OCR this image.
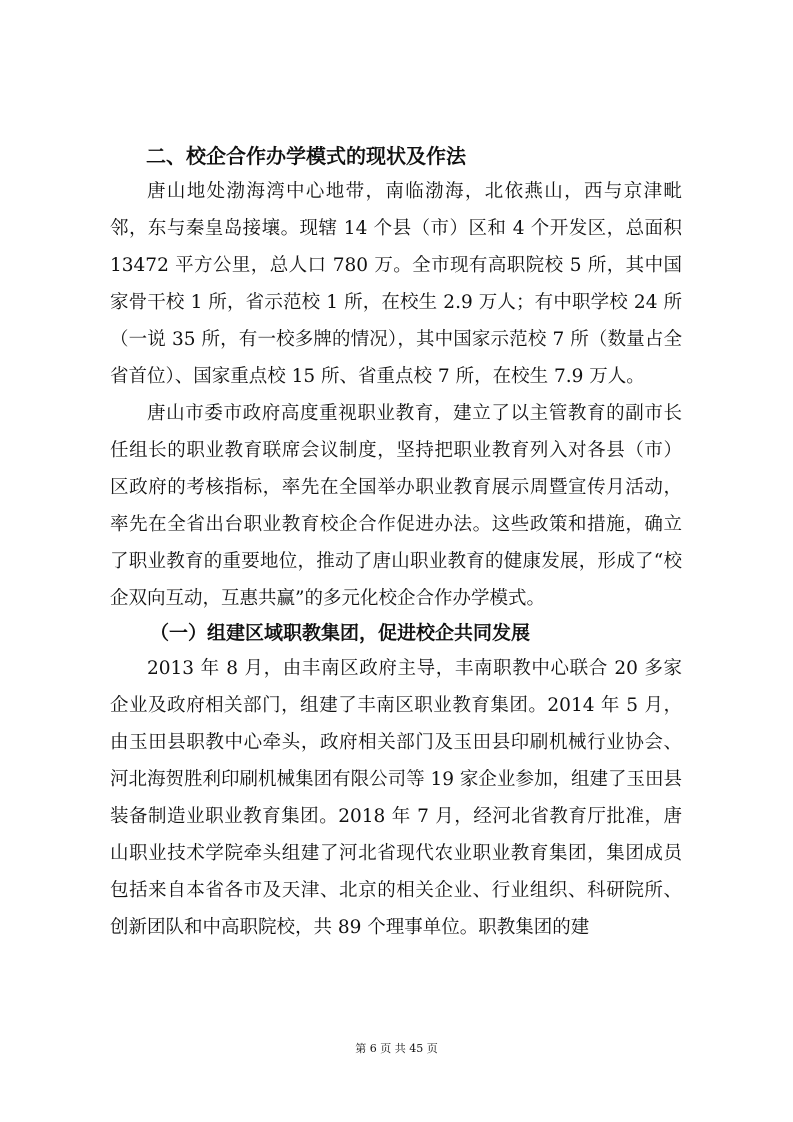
二、校企合作办学模式的现状及作法

唐山地处渤海湾中心地带，南临渤海，北依燕山，西与京津毗邻，东与秦皇岛接壤。现辖 14 个县（市）区和 4 个开发区，总面积 13472 平方公里，总人口 780 万。全市现有高职院校 5 所，其中国家骨干校 1 所，省示范校 1 所，在校生 2.9 万人；有中职学校 24 所（一说 35 所，有一校多牌的情况），其中国家示范校 7 所（数量占全省首位）、国家重点校 15 所、省重点校 7 所，在校生 7.9 万人。

唐山市委市政府高度重视职业教育，建立了以主管教育的副市长任组长的职业教育联席会议制度，坚持把职业教育列入对各县（市）区政府的考核指标，率先在全国举办职业教育展示周暨宣传月活动，率先在全省出台职业教育校企合作促进办法。这些政策和措施，确立了职业教育的重要地位，推动了唐山职业教育的健康发展，形成了“校企双向互动，互惠共赢”的多元化校企合作办学模式。

（一）组建区域职教集团，促进校企共同发展

2013 年 8 月，由丰南区政府主导，丰南职教中心联合 20 多家企业及政府相关部门，组建了丰南区职业教育集团。2014 年 5 月，由玉田县职教中心牵头，政府相关部门及玉田县印刷机械行业协会、河北海贺胜利印刷机械集团有限公司等 19 家企业参加，组建了玉田县装备制造业职业教育集团。2018 年 7 月，经河北省教育厅批准，唐山职业技术学院牵头组建了河北省现代农业职业教育集团，集团成员包括来自本省各市及天津、北京的相关企业、行业组织、科研院所、创新团队和中高职院校，共 89 个理事单位。职教集团的建

第 6 页 共 45 页
